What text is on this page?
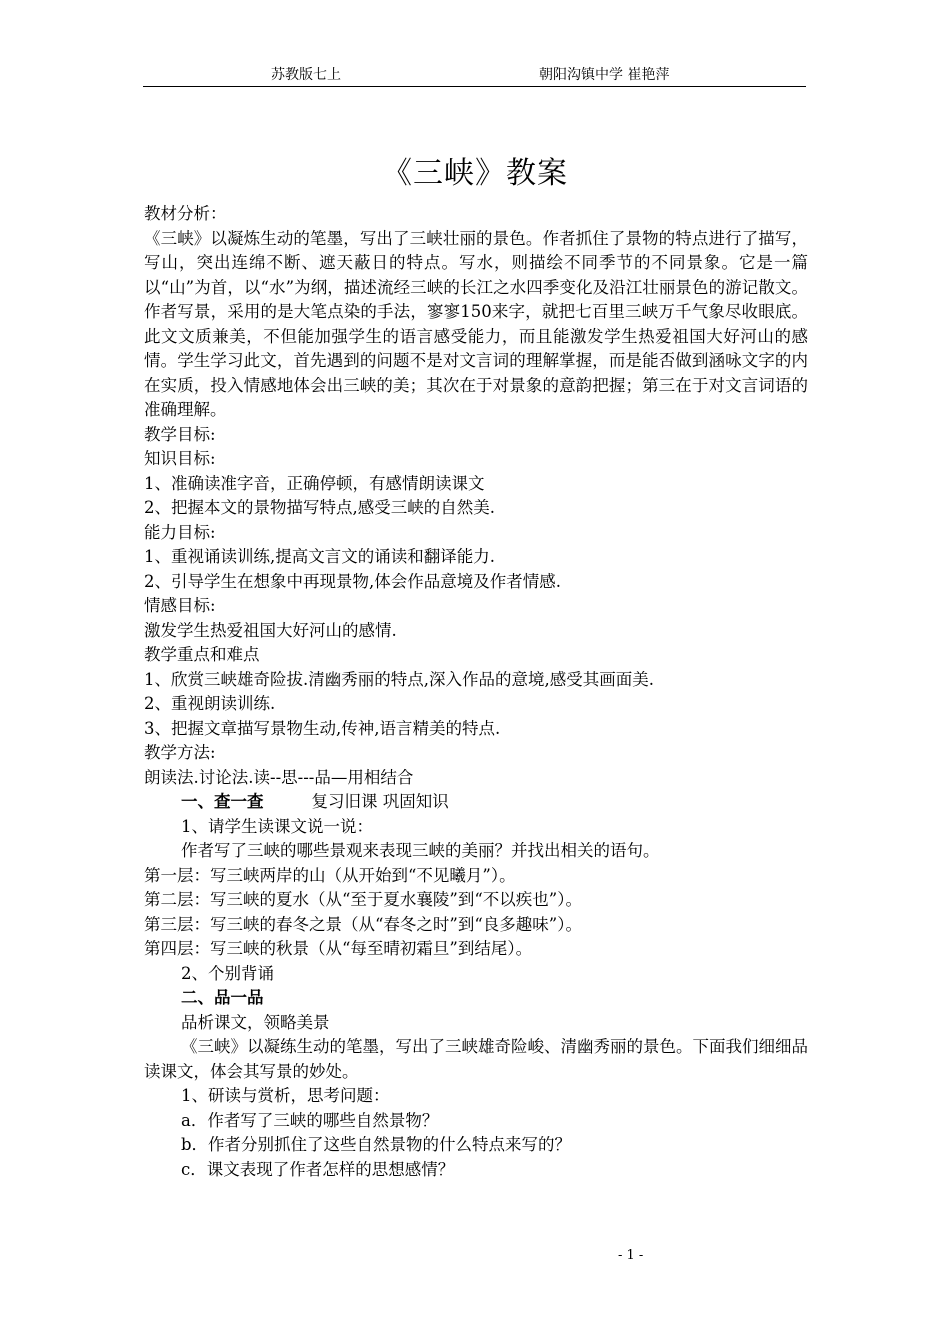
苏教版七上	朝阳沟镇中学 崔艳萍
《三峡》教案

教材分析：

《三峡》以凝炼生动的笔墨，写出了三峡壮丽的景色。作者抓住了景物的特点进行了描写，写山，突出连绵不断、遮天蔽日的特点。写水，则描绘不同季节的不同景象。它是一篇以“山”为首，以“水”为纲，描述流经三峡的长江之水四季变化及沿江壮丽景色的游记散文。作者写景，采用的是大笔点染的手法，寥寥150来字，就把七百里三峡万千气象尽收眼底。此文文质兼美，不但能加强学生的语言感受能力，而且能激发学生热爱祖国大好河山的感情。学生学习此文，首先遇到的问题不是对文言词的理解掌握，而是能否做到涵咏文字的内在实质，投入情感地体会出三峡的美；其次在于对景象的意韵把握；第三在于对文言词语的准确理解。

教学目标:

知识目标:

1、准确读准字音，正确停顿，有感情朗读课文

2、把握本文的景物描写特点,感受三峡的自然美.

能力目标:

1、重视诵读训练,提高文言文的诵读和翻译能力.

2、引导学生在想象中再现景物,体会作品意境及作者情感.

情感目标:

激发学生热爱祖国大好河山的感情.

教学重点和难点

1、欣赏三峡雄奇险拔.清幽秀丽的特点,深入作品的意境,感受其画面美.

2、重视朗读训练.

3、把握文章描写景物生动,传神,语言精美的特点.

教学方法:

朗读法.讨论法.读--思---品—用相结合

一、查一查	复习旧课 巩固知识

1、请学生读课文说一说：

作者写了三峡的哪些景观来表现三峡的美丽？并找出相关的语句。

第一层：写三峡两岸的山（从开始到“不见曦月”）。

第二层：写三峡的夏水（从“至于夏水襄陵”到“不以疾也”）。

第三层：写三峡的春冬之景（从“春冬之时”到“良多趣味”）。

第四层：写三峡的秋景（从“每至晴初霜旦”到结尾）。

2、个别背诵

二、品一品

品析课文，领略美景

《三峡》以凝练生动的笔墨，写出了三峡雄奇险峻、清幽秀丽的景色。下面我们细细品读课文，体会其写景的妙处。

1、研读与赏析，思考问题：

a．作者写了三峡的哪些自然景物？

b．作者分别抓住了这些自然景物的什么特点来写的？

c．课文表现了作者怎样的思想感情？

- 1 -
